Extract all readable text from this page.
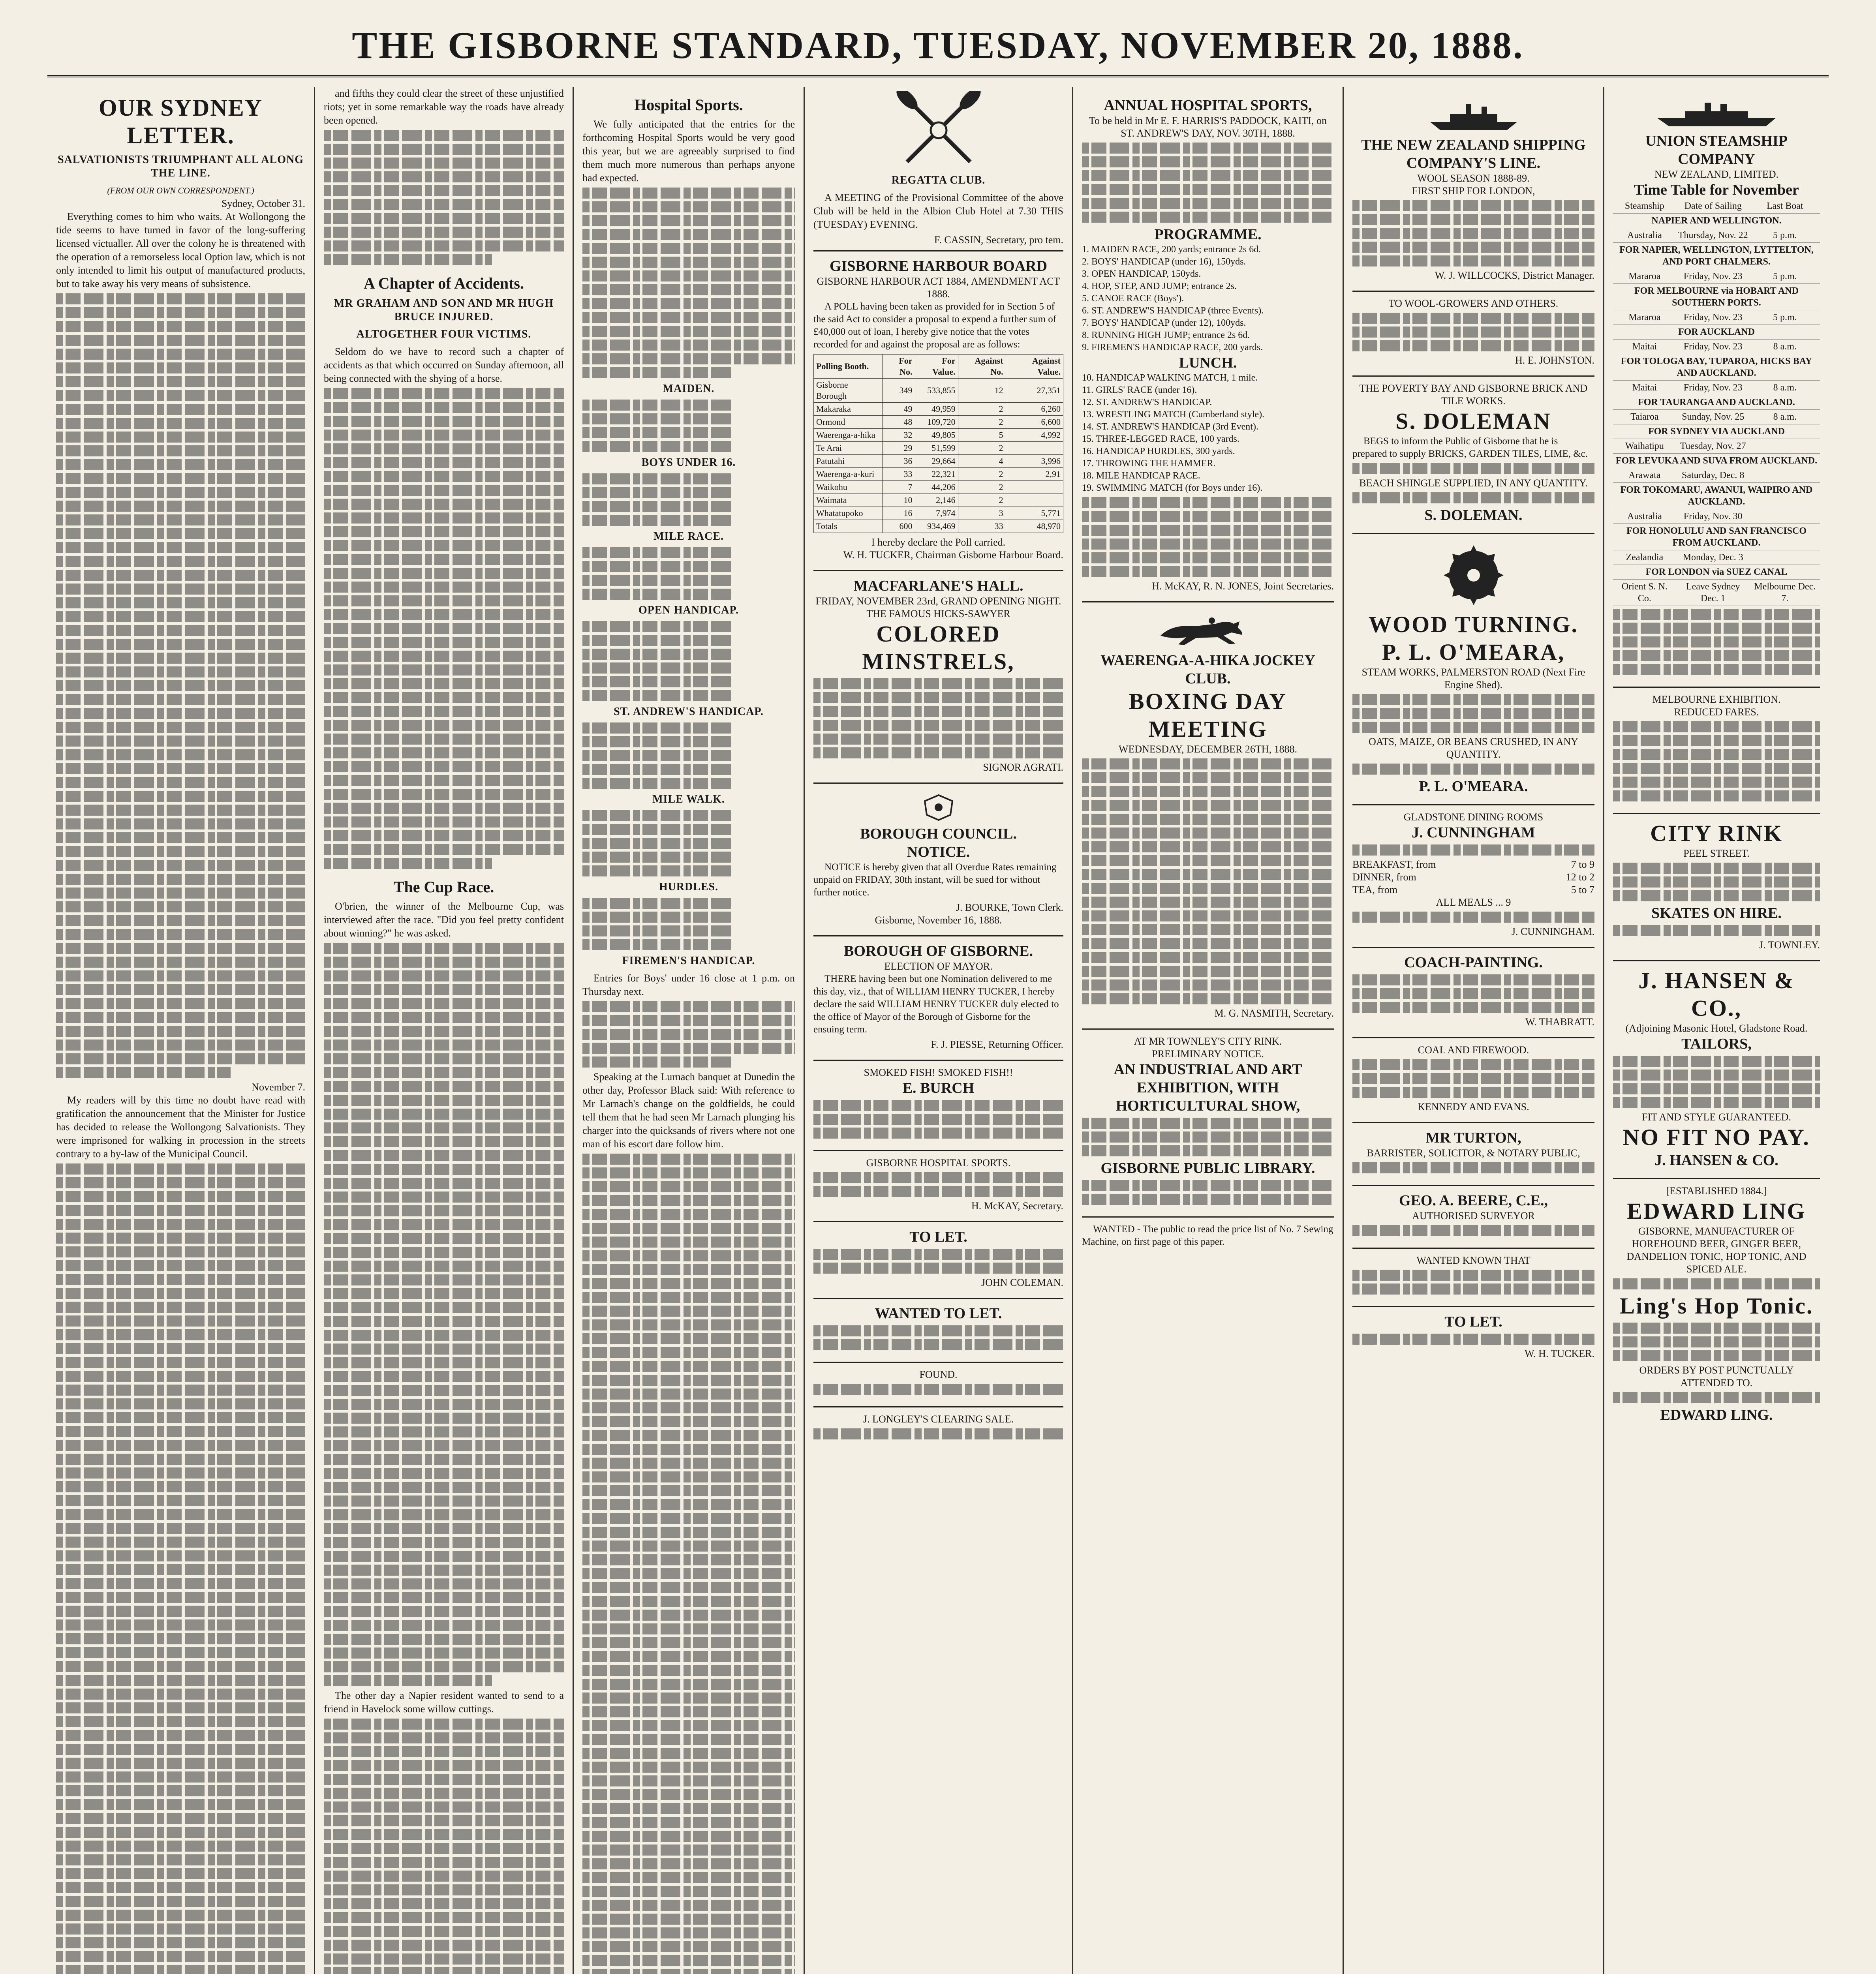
THE GISBORNE STANDARD, TUESDAY, NOVEMBER 20, 1888.
OUR SYDNEY LETTER.
SALVATIONISTS TRIUMPHANT ALL ALONG THE LINE.
(FROM OUR OWN CORRESPONDENT.)
Sydney, October 31.

Everything comes to him who waits. At Wollongong the tide seems to have turned in favor of the long-suffering licensed victualler. All over the colony he is threatened with the operation of a remorseless local Option law, which is not only intended to limit his output of manufactured products, but to take away his very means of subsistence.

November 7.

My readers will by this time no doubt have read with gratification the announcement that the Minister for Justice has decided to release the Wollongong Salvationists. They were imprisoned for walking in procession in the streets contrary to a by-law of the Municipal Council.

and fifths they could clear the street of these unjustified riots; yet in some remarkable way the roads have already been opened.

A Chapter of Accidents.
MR GRAHAM AND SON AND MR HUGH BRUCE INJURED.
ALTOGETHER FOUR VICTIMS.

Seldom do we have to record such a chapter of accidents as that which occurred on Sunday afternoon, all being connected with the shying of a horse.

The Cup Race.

O'brien, the winner of the Melbourne Cup, was interviewed after the race. "Did you feel pretty confident about winning?" he was asked.

The other day a Napier resident wanted to send to a friend in Havelock some willow cuttings.

Hospital Sports.

We fully anticipated that the entries for the forthcoming Hospital Sports would be very good this year, but we are agreeably surprised to find them much more numerous than perhaps anyone had expected.

MAIDEN.
BOYS UNDER 16.
MILE RACE.
OPEN HANDICAP.
ST. ANDREW'S HANDICAP.
MILE WALK.
HURDLES.
FIREMEN'S HANDICAP.

Entries for Boys' under 16 close at 1 p.m. on Thursday next.

Speaking at the Lurnach banquet at Dunedin the other day, Professor Black said: With reference to Mr Larnach's change on the goldfields, he could tell them that he had seen Mr Larnach plunging his charger into the quicksands of rivers where not one man of his escort dare follow him.

REGATTA CLUB.

A MEETING of the Provisional Committee of the above Club will be held in the Albion Club Hotel at 7.30 THIS (TUESDAY) EVENING.

F. CASSIN, Secretary, pro tem.
GISBORNE HARBOUR BOARD
GISBORNE HARBOUR ACT 1884, AMENDMENT ACT 1888.

A POLL having been taken as provided for in Section 5 of the said Act to consider a proposal to expend a further sum of £40,000 out of loan, I hereby give notice that the votes recorded for and against the proposal are as follows:

Polling Booth.	For No.	For Value.	Against No.	Against Value.
Gisborne Borough	349	533,855	12	27,351
Makaraka	49	49,959	2	6,260
Ormond	48	109,720	2	6,600
Waerenga-a-hika	32	49,805	5	4,992
Te Arai	29	51,599	2	
Patutahi	36	29,664	4	3,996
Waerenga-a-kuri	33	22,321	2	2,91
Waikohu	7	44,206	2	
Waimata	10	2,146	2	
Whatatupoko	16	7,974	3	5,771
Totals	600	934,469	33	48,970
I hereby declare the Poll carried.
W. H. TUCKER, Chairman Gisborne Harbour Board.
MACFARLANE'S HALL.
FRIDAY, NOVEMBER 23rd, GRAND OPENING NIGHT.
THE FAMOUS HICKS-SAWYER
COLORED MINSTRELS,
SIGNOR AGRATI.
BOROUGH COUNCIL.
NOTICE.

NOTICE is hereby given that all Overdue Rates remaining unpaid on FRIDAY, 30th instant, will be sued for without further notice.

J. BOURKE, Town Clerk.
Gisborne, November 16, 1888.
BOROUGH OF GISBORNE.
ELECTION OF MAYOR.

THERE having been but one Nomination delivered to me this day, viz., that of WILLIAM HENRY TUCKER, I hereby declare the said WILLIAM HENRY TUCKER duly elected to the office of Mayor of the Borough of Gisborne for the ensuing term.

F. J. PIESSE, Returning Officer.
SMOKED FISH! SMOKED FISH!!
E. BURCH
GISBORNE HOSPITAL SPORTS.
H. McKAY, Secretary.
TO LET.
JOHN COLEMAN.
WANTED TO LET.
FOUND.
J. LONGLEY'S CLEARING SALE.
ANNUAL HOSPITAL SPORTS,
To be held in Mr E. F. HARRIS'S PADDOCK, KAITI, on ST. ANDREW'S DAY, NOV. 30TH, 1888.
PROGRAMME.
1. MAIDEN RACE, 200 yards; entrance 2s 6d.
2. BOYS' HANDICAP (under 16), 150yds.
3. OPEN HANDICAP, 150yds.
4. HOP, STEP, AND JUMP; entrance 2s.
5. CANOE RACE (Boys').
6. ST. ANDREW'S HANDICAP (three Events).
7. BOYS' HANDICAP (under 12), 100yds.
8. RUNNING HIGH JUMP; entrance 2s 6d.
9. FIREMEN'S HANDICAP RACE, 200 yards.
LUNCH.
10. HANDICAP WALKING MATCH, 1 mile.
11. GIRLS' RACE (under 16).
12. ST. ANDREW'S HANDICAP.
13. WRESTLING MATCH (Cumberland style).
14. ST. ANDREW'S HANDICAP (3rd Event).
15. THREE-LEGGED RACE, 100 yards.
16. HANDICAP HURDLES, 300 yards.
17. THROWING THE HAMMER.
18. MILE HANDICAP RACE.
19. SWIMMING MATCH (for Boys under 16).
H. McKAY, R. N. JONES, Joint Secretaries.
WAERENGA-A-HIKA JOCKEY CLUB.
BOXING DAY MEETING
WEDNESDAY, DECEMBER 26TH, 1888.
M. G. NASMITH, Secretary.
AT MR TOWNLEY'S CITY RINK.
PRELIMINARY NOTICE.
AN INDUSTRIAL AND ART EXHIBITION, WITH HORTICULTURAL SHOW,
GISBORNE PUBLIC LIBRARY.

WANTED - The public to read the price list of No. 7 Sewing Machine, on first page of this paper.

THE NEW ZEALAND SHIPPING COMPANY'S LINE.
WOOL SEASON 1888-89.
FIRST SHIP FOR LONDON,
W. J. WILLCOCKS, District Manager.
TO WOOL-GROWERS AND OTHERS.
H. E. JOHNSTON.
THE POVERTY BAY AND GISBORNE BRICK AND TILE WORKS.
S. DOLEMAN

BEGS to inform the Public of Gisborne that he is prepared to supply BRICKS, GARDEN TILES, LIME, &c.

BEACH SHINGLE SUPPLIED, IN ANY QUANTITY.
S. DOLEMAN.
WOOD TURNING.
P. L. O'MEARA,
STEAM WORKS, PALMERSTON ROAD (Next Fire Engine Shed).
OATS, MAIZE, OR BEANS CRUSHED, IN ANY QUANTITY.
P. L. O'MEARA.
GLADSTONE DINING ROOMS
J. CUNNINGHAM
BREAKFAST, from	7 to 9
DINNER, from	12 to 2
TEA, from	5 to 7
ALL MEALS ... 9
J. CUNNINGHAM.
COACH-PAINTING.
W. THABRATT.
COAL AND FIREWOOD.
KENNEDY AND EVANS.
MR TURTON,
BARRISTER, SOLICITOR, & NOTARY PUBLIC,
GEO. A. BEERE, C.E.,
AUTHORISED SURVEYOR
WANTED KNOWN THAT
TO LET.
W. H. TUCKER.
UNION STEAMSHIP COMPANY
NEW ZEALAND, LIMITED.
Time Table for November
Steamship	Date of Sailing	Last Boat
NAPIER AND WELLINGTON.		
Australia	Thursday, Nov. 22	5 p.m.
FOR NAPIER, WELLINGTON, LYTTELTON, AND PORT CHALMERS.		
Mararoa	Friday, Nov. 23	5 p.m.
FOR MELBOURNE via HOBART AND SOUTHERN PORTS.		
Mararoa	Friday, Nov. 23	5 p.m.
FOR AUCKLAND		
Maitai	Friday, Nov. 23	8 a.m.
FOR TOLOGA BAY, TUPAROA, HICKS BAY AND AUCKLAND.		
Maitai	Friday, Nov. 23	8 a.m.
FOR TAURANGA AND AUCKLAND.		
Taiaroa	Sunday, Nov. 25	8 a.m.
FOR SYDNEY VIA AUCKLAND		
Waihatipu	Tuesday, Nov. 27	
FOR LEVUKA AND SUVA FROM AUCKLAND.		
Arawata	Saturday, Dec. 8	
FOR TOKOMARU, AWANUI, WAIPIRO AND AUCKLAND.		
Australia	Friday, Nov. 30	
FOR HONOLULU AND SAN FRANCISCO FROM AUCKLAND.		
Zealandia	Monday, Dec. 3	
FOR LONDON via SUEZ CANAL		
Orient S. N. Co.	Leave Sydney Dec. 1	Melbourne Dec. 7.
MELBOURNE EXHIBITION.
REDUCED FARES.
CITY RINK
PEEL STREET.
SKATES ON HIRE.
J. TOWNLEY.
J. HANSEN & CO.,
(Adjoining Masonic Hotel, Gladstone Road.
TAILORS,
FIT AND STYLE GUARANTEED.
NO FIT NO PAY.
J. HANSEN & CO.
[ESTABLISHED 1884.]
EDWARD LING
GISBORNE, MANUFACTURER OF
HOREHOUND BEER, GINGER BEER, DANDELION TONIC, HOP TONIC, AND SPICED ALE.
Ling's Hop Tonic.
ORDERS BY POST PUNCTUALLY ATTENDED TO.
EDWARD LING.
